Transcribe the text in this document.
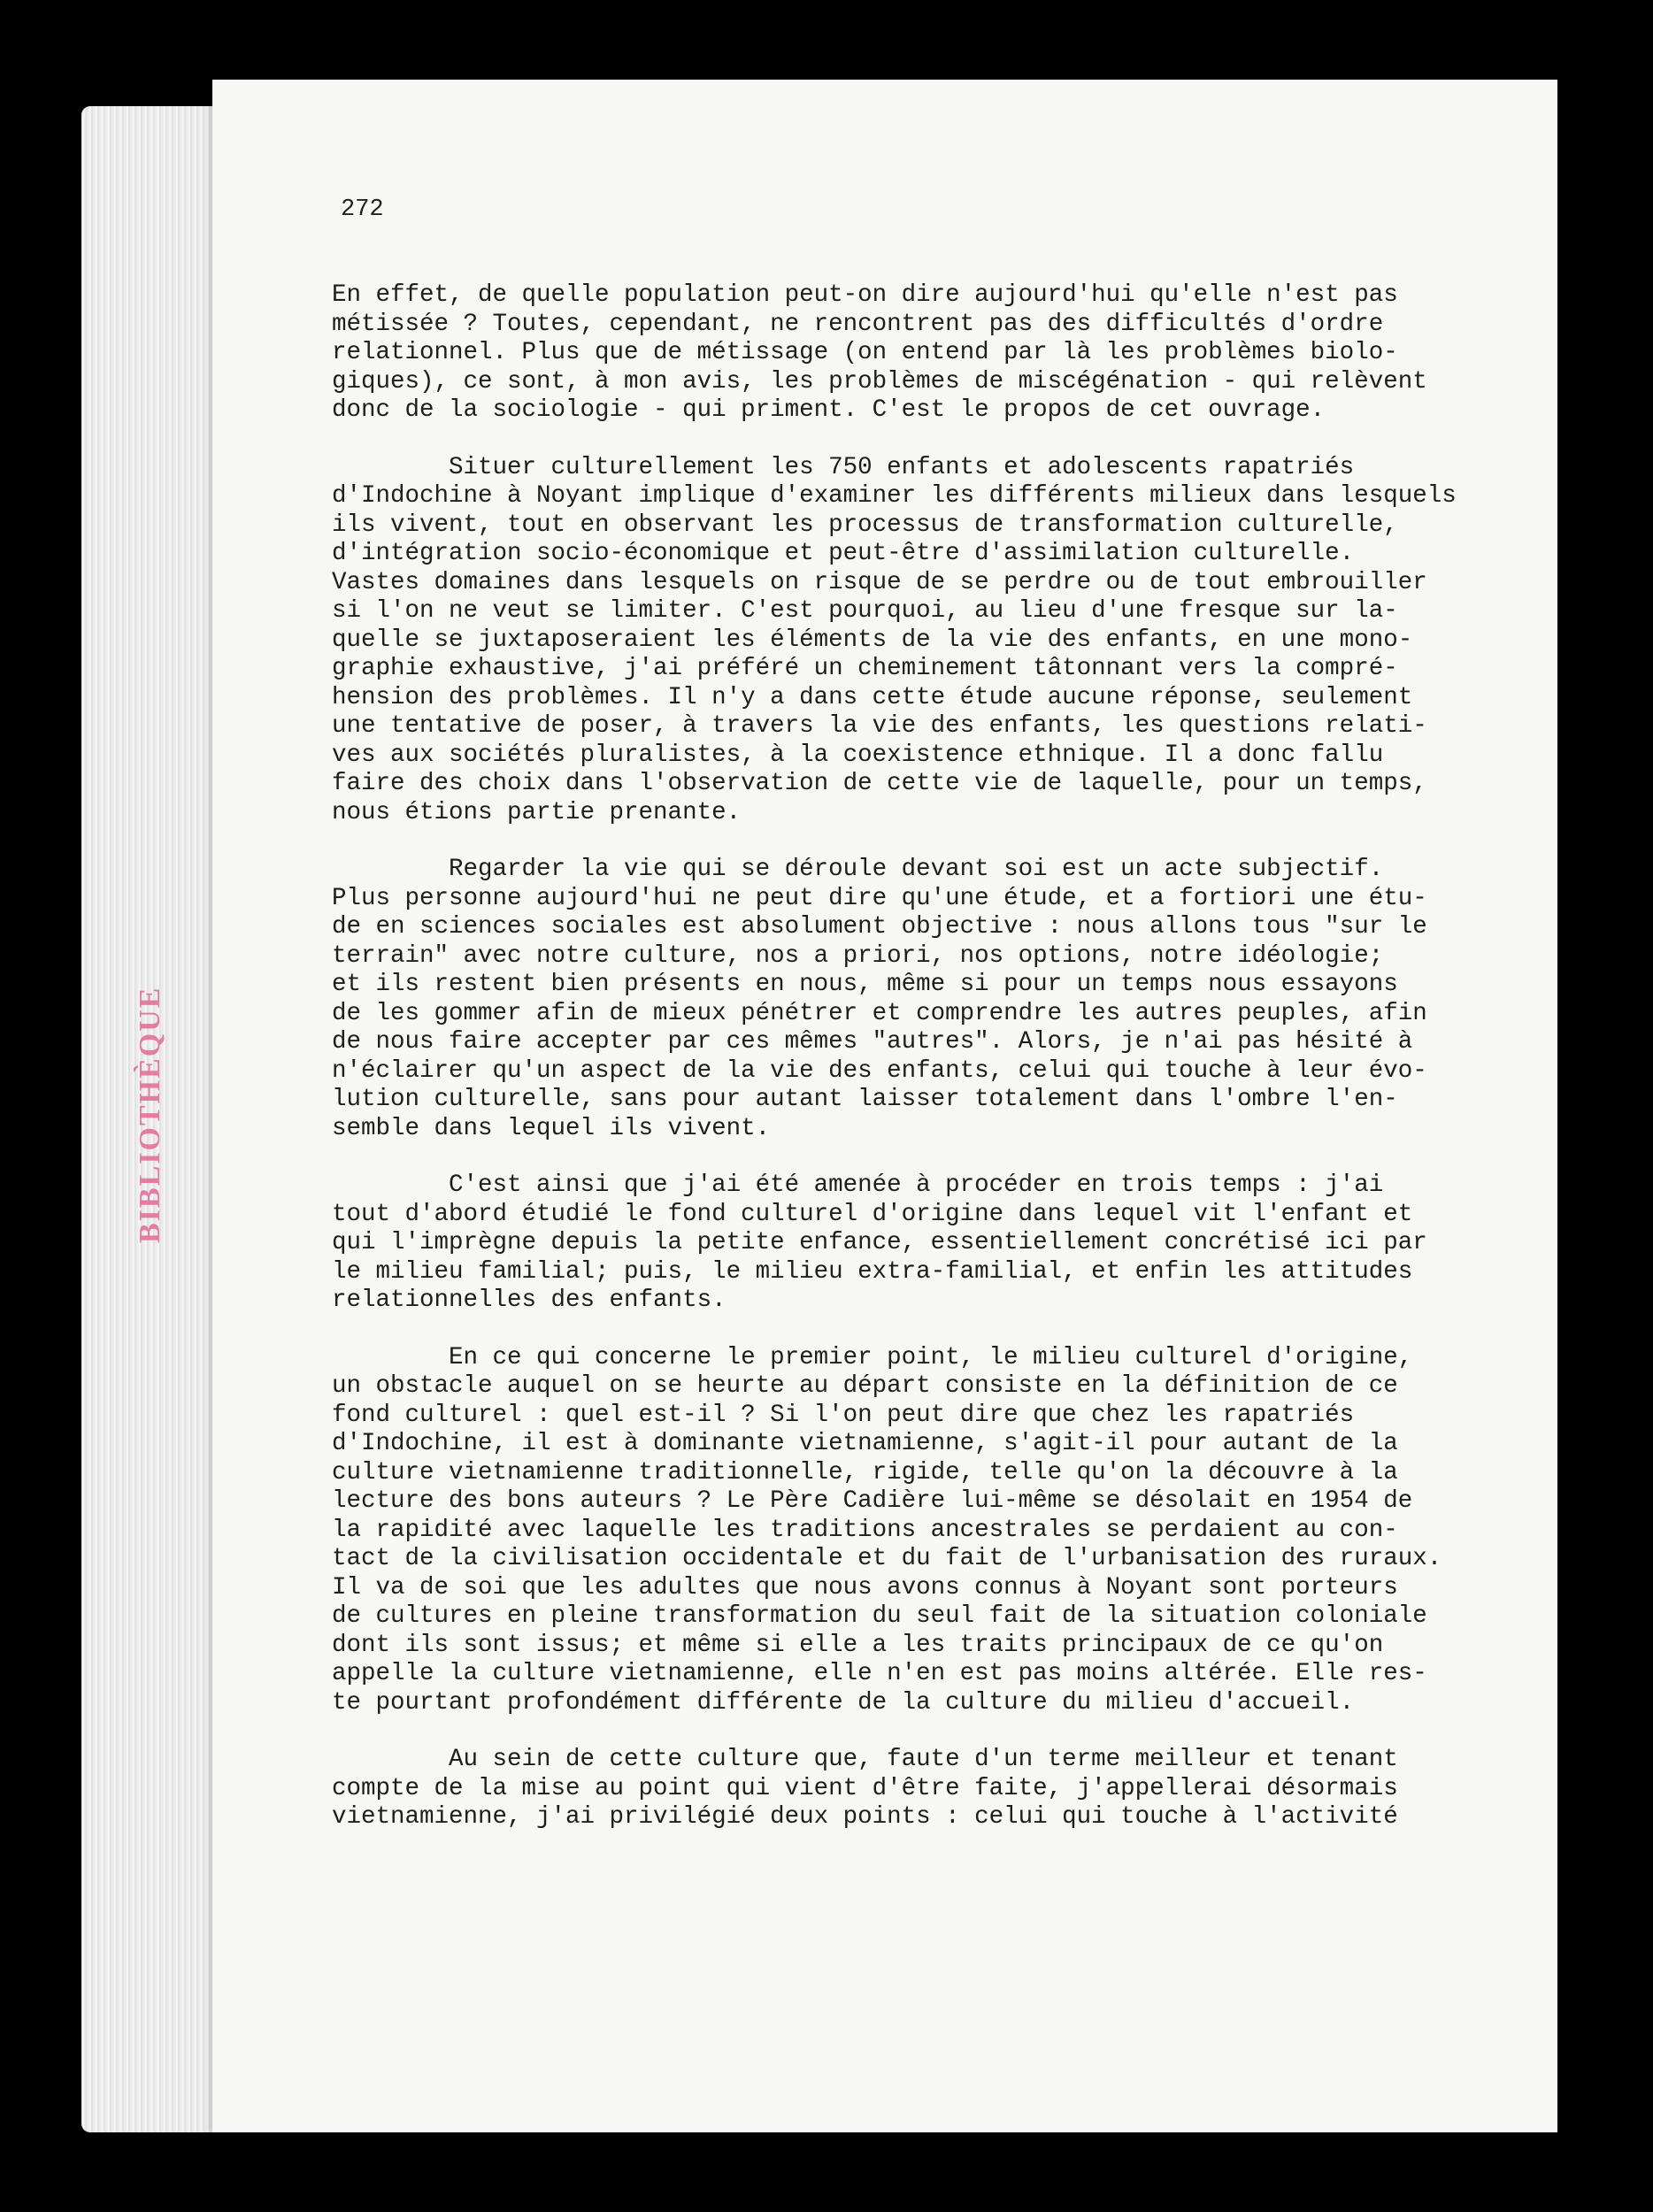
BIBLIOTHÈQUE
272

En effet, de quelle population peut-on dire aujourd'hui qu'elle n'est pas
métissée ? Toutes, cependant, ne rencontrent pas des difficultés d'ordre
relationnel. Plus que de métissage (on entend par là les problèmes biolo-
giques), ce sont, à mon avis, les problèmes de miscégénation - qui relèvent
donc de la sociologie - qui priment. C'est le propos de cet ouvrage.

Situer culturellement les 750 enfants et adolescents rapatriés
d'Indochine à Noyant implique d'examiner les différents milieux dans lesquels
ils vivent, tout en observant les processus de transformation culturelle,
d'intégration socio-économique et peut-être d'assimilation culturelle.
Vastes domaines dans lesquels on risque de se perdre ou de tout embrouiller
si l'on ne veut se limiter. C'est pourquoi, au lieu d'une fresque sur la-
quelle se juxtaposeraient les éléments de la vie des enfants, en une mono-
graphie exhaustive, j'ai préféré un cheminement tâtonnant vers la compré-
hension des problèmes. Il n'y a dans cette étude aucune réponse, seulement
une tentative de poser, à travers la vie des enfants, les questions relati-
ves aux sociétés pluralistes, à la coexistence ethnique. Il a donc fallu
faire des choix dans l'observation de cette vie de laquelle, pour un temps,
nous étions partie prenante.

Regarder la vie qui se déroule devant soi est un acte subjectif.
Plus personne aujourd'hui ne peut dire qu'une étude, et a fortiori une étu-
de en sciences sociales est absolument objective : nous allons tous "sur le
terrain" avec notre culture, nos a priori, nos options, notre idéologie;
et ils restent bien présents en nous, même si pour un temps nous essayons
de les gommer afin de mieux pénétrer et comprendre les autres peuples, afin
de nous faire accepter par ces mêmes "autres". Alors, je n'ai pas hésité à
n'éclairer qu'un aspect de la vie des enfants, celui qui touche à leur évo-
lution culturelle, sans pour autant laisser totalement dans l'ombre l'en-
semble dans lequel ils vivent.

C'est ainsi que j'ai été amenée à procéder en trois temps : j'ai
tout d'abord étudié le fond culturel d'origine dans lequel vit l'enfant et
qui l'imprègne depuis la petite enfance, essentiellement concrétisé ici par
le milieu familial; puis, le milieu extra-familial, et enfin les attitudes
relationnelles des enfants.

En ce qui concerne le premier point, le milieu culturel d'origine,
un obstacle auquel on se heurte au départ consiste en la définition de ce
fond culturel : quel est-il ? Si l'on peut dire que chez les rapatriés
d'Indochine, il est à dominante vietnamienne, s'agit-il pour autant de la
culture vietnamienne traditionnelle, rigide, telle qu'on la découvre à la
lecture des bons auteurs ? Le Père Cadière lui-même se désolait en 1954 de
la rapidité avec laquelle les traditions ancestrales se perdaient au con-
tact de la civilisation occidentale et du fait de l'urbanisation des ruraux.
Il va de soi que les adultes que nous avons connus à Noyant sont porteurs
de cultures en pleine transformation du seul fait de la situation coloniale
dont ils sont issus; et même si elle a les traits principaux de ce qu'on
appelle la culture vietnamienne, elle n'en est pas moins altérée. Elle res-
te pourtant profondément différente de la culture du milieu d'accueil.

Au sein de cette culture que, faute d'un terme meilleur et tenant
compte de la mise au point qui vient d'être faite, j'appellerai désormais
vietnamienne, j'ai privilégié deux points : celui qui touche à l'activité
